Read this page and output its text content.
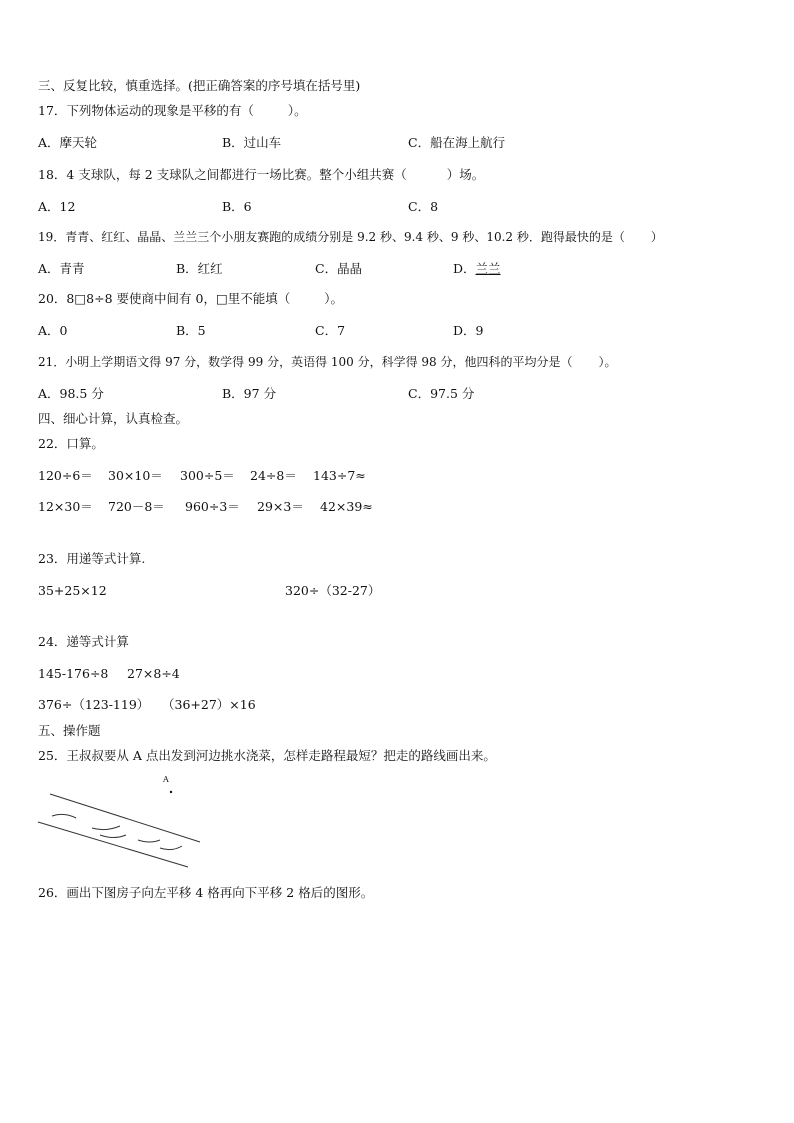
三、反复比较，慎重选择。(把正确答案的序号填在括号里)
17．下列物体运动的现象是平移的有（	）。
A．摩天轮	B．过山车	C．船在海上航行
18．4 支球队，每 2 支球队之间都进行一场比赛。整个小组共赛（	）场。
A．12	B．6	C．8
19．青青、红红、晶晶、兰兰三个小朋友赛跑的成绩分别是 9.2 秒、9.4 秒、9 秒、10.2 秒．跑得最快的是（ ）
A．青青	B．红红	C．晶晶	D．兰兰
20．8□8÷8 要使商中间有 0，□里不能填（	）。
A．0	B．5	C．7	D．9
21．小明上学期语文得 97 分，数学得 99 分，英语得 100 分，科学得 98 分，他四科的平均分是（ ）。
A．98.5 分	B．97 分	C．97.5 分
四、细心计算，认真检查。
22．口算。
120÷6＝ 30×10＝ 300÷5＝ 24÷8＝ 143÷7≈
12×30＝ 720－8＝ 960÷3＝ 29×3＝ 42×39≈
23．用递等式计算.
35+25×12	320÷（32-27）
24．递等式计算
145-176÷8 27×8÷4
376÷（123-119） （36+27）×16
五、操作题
25．王叔叔要从 A 点出发到河边挑水浇菜，怎样走路程最短？把走的路线画出来。
A
26．画出下图房子向左平移 4 格再向下平移 2 格后的图形。
